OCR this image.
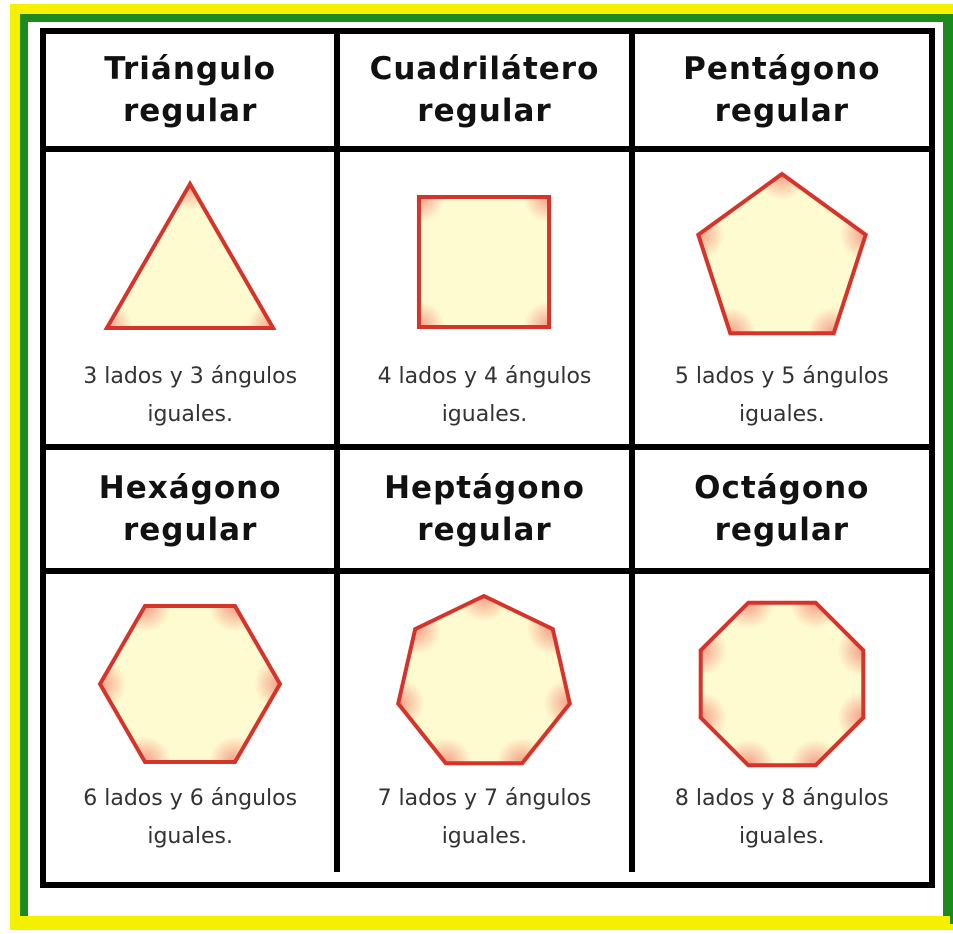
Triángulo
regular
Cuadrilátero
regular
Pentágono
regular
3 lados y 3 ángulos
iguales.
4 lados y 4 ángulos
iguales.
5 lados y 5 ángulos
iguales.
Hexágono
regular
Heptágono
regular
Octágono
regular
6 lados y 6 ángulos
iguales.
7 lados y 7 ángulos
iguales.
8 lados y 8 ángulos
iguales.
